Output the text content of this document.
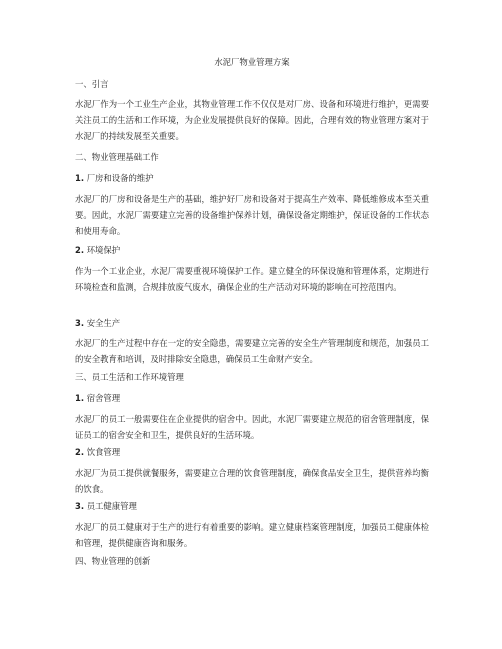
水泥厂物业管理方案
一、引言

水泥厂作为一个工业生产企业，其物业管理工作不仅仅是对厂房、设备和环境进行维护，更需要关注员工的生活和工作环境，为企业发展提供良好的保障。因此，合理有效的物业管理方案对于水泥厂的持续发展至关重要。

二、物业管理基础工作
1. 厂房和设备的维护

水泥厂的厂房和设备是生产的基础，维护好厂房和设备对于提高生产效率、降低维修成本至关重要。因此，水泥厂需要建立完善的设备维护保养计划，确保设备定期维护，保证设备的工作状态和使用寿命。

2. 环境保护

作为一个工业企业，水泥厂需要重视环境保护工作。建立健全的环保设施和管理体系，定期进行环境检查和监测，合规排放废气废水，确保企业的生产活动对环境的影响在可控范围内。

3. 安全生产

水泥厂的生产过程中存在一定的安全隐患，需要建立完善的安全生产管理制度和规范，加强员工的安全教育和培训，及时排除安全隐患，确保员工生命财产安全。

三、员工生活和工作环境管理
1. 宿舍管理

水泥厂的员工一般需要住在企业提供的宿舍中。因此，水泥厂需要建立规范的宿舍管理制度，保证员工的宿舍安全和卫生，提供良好的生活环境。

2. 饮食管理

水泥厂为员工提供就餐服务，需要建立合理的饮食管理制度，确保食品安全卫生，提供营养均衡的饮食。

3. 员工健康管理

水泥厂的员工健康对于生产的进行有着重要的影响。建立健康档案管理制度，加强员工健康体检和管理，提供健康咨询和服务。

四、物业管理的创新
